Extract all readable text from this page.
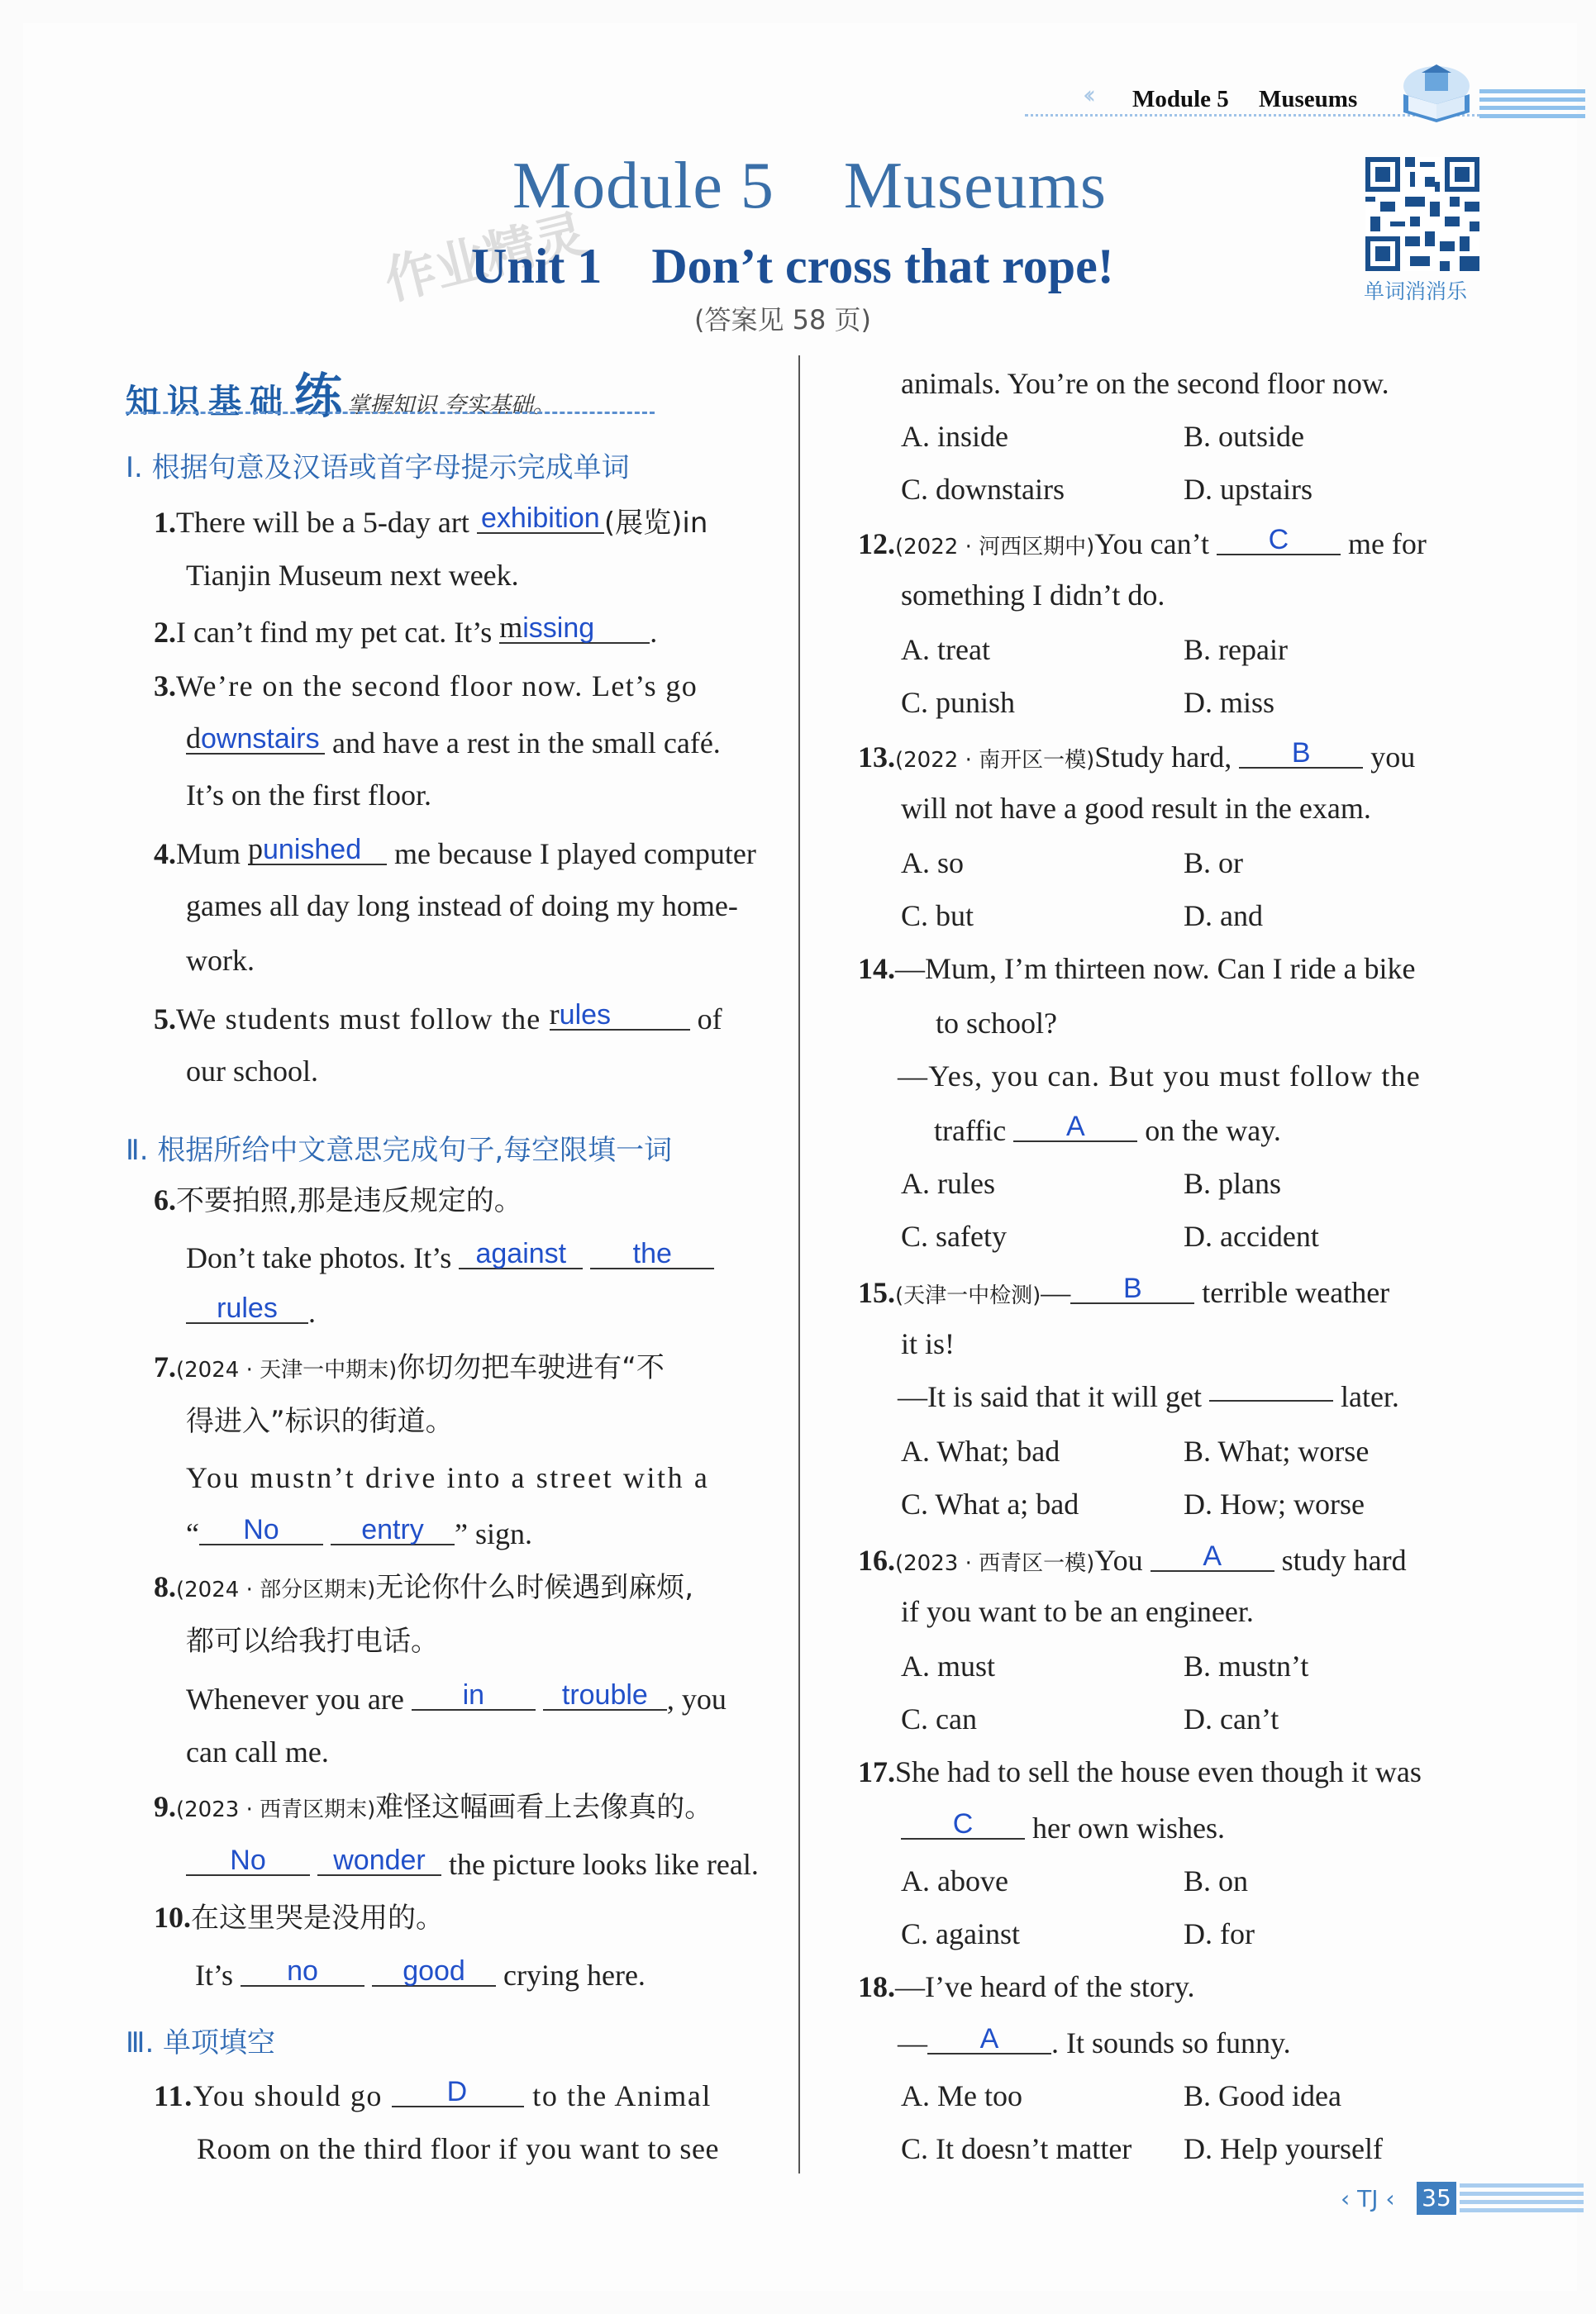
‹‹ Module 5 Museums
作业精灵
Module 5    Museums
Unit 1    Don’t cross that rope!
(答案见 58 页)
单词消消乐
知识基础练 掌握知识 夸实基础。
Ⅰ. 根据句意及汉语或首字母提示完成单词
1.There will be a 5-day art exhibition (展览)in
Tianjin Museum next week.
2.I can’t find my pet cat. It’s missing .
3.We’re on the second floor now. Let’s go
downstairs and have a rest in the small café.
It’s on the first floor.
4.Mum punished me because I played computer
games all day long instead of doing my home-
work.
5.We students must follow the rules	of
our school.
Ⅱ. 根据所给中文意思完成句子,每空限填一词
6.不要拍照,那是违反规定的。
Don’t take photos. It’s against the
rules .
7.(2024 · 天津一中期末)你切勿把车驶进有“不
得进入”标识的街道。
You mustn’t drive into a street with a
“ No	entry ” sign.
8.(2024 · 部分区期末)无论你什么时候遇到麻烦,
都可以给我打电话。
Whenever you are in	trouble , you
can call me.
9.(2023 · 西青区期末)难怪这幅画看上去像真的。
No wonder the picture looks like real.
10.在这里哭是没用的。
It’s no	good crying here.
Ⅲ. 单项填空
11.You should go D to the Animal
Room on the third floor if you want to see
animals. You’re on the second floor now.
A. inside	B. outside
C. downstairs	D. upstairs
12.(2022 · 河西区期中)You can’t C me for
something I didn’t do.
A. treat	B. repair
C. punish	D. miss
13.(2022 · 南开区一模)Study hard, B you
will not have a good result in the exam.
A. so	B. or
C. but	D. and
14.—Mum, I’m thirteen now. Can I ride a bike
to school?
—Yes, you can. But you must follow the
traffic A on the way.
A. rules	B. plans
C. safety	D. accident
15.(天津一中检测)— B terrible weather
it is!
—It is said that it will get	later.
A. What; bad	B. What; worse
C. What a; bad	D. How; worse
16.(2023 · 西青区一模)You A study hard
if you want to be an engineer.
A. must	B. mustn’t
C. can	D. can’t
17.She had to sell the house even though it was
C her own wishes.
A. above	B. on
C. against	D. for
18.—I’ve heard of the story.
— A . It sounds so funny.
A. Me too	B. Good idea
C. It doesn’t matter D. Help yourself
‹ TJ ‹ 35
